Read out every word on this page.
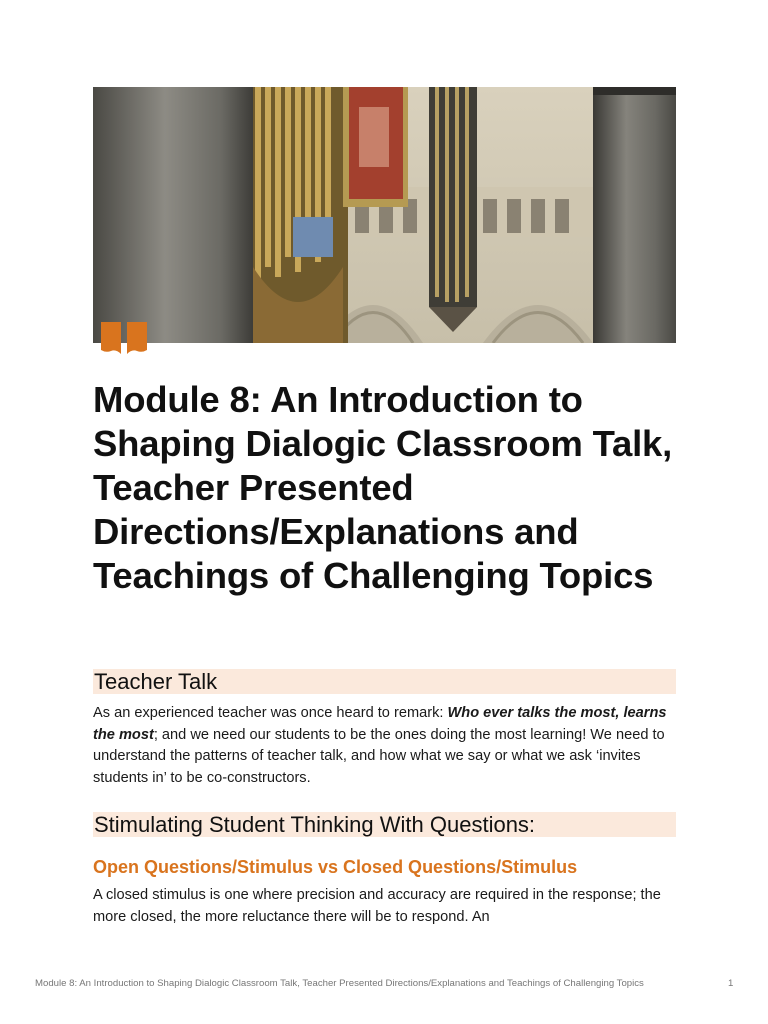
Module 8: An Introduction to Shaping Dialogic Classroom Talk, Teacher Presented Directions/Explanations and Teachings of Challenging Topics
Teacher Talk

As an experienced teacher was once heard to remark: Who ever talks the most, learns the most; and we need our students to be the ones doing the most learning! We need to understand the patterns of teacher talk, and how what we say or what we ask ‘invites students in’ to be co-constructors.

Stimulating Student Thinking With Questions:
Open Questions/Stimulus vs Closed Questions/Stimulus

A closed stimulus is one where precision and accuracy are required in the response; the more closed, the more reluctance there will be to respond. An

Module 8: An Introduction to Shaping Dialogic Classroom Talk, Teacher Presented Directions/Explanations and Teachings of Challenging Topics	1
